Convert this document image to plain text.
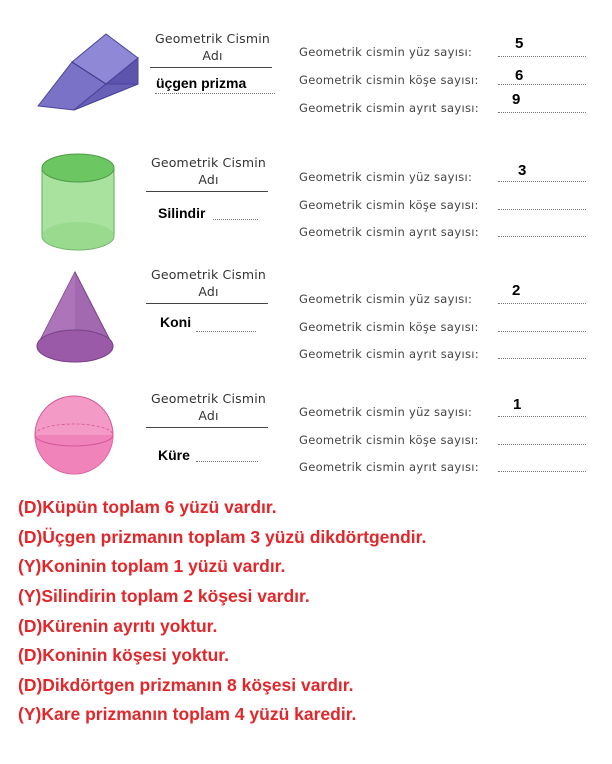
Geometrik Cismin
Adı
üçgen prizma
Geometrik cismin yüz sayısı:	5
Geometrik cismin köşe sayısı: 6
Geometrik cismin ayrıt sayısı: 9
Geometrik Cismin
Adı
Silindir
Geometrik cismin yüz sayısı:	3
Geometrik cismin köşe sayısı:
Geometrik cismin ayrıt sayısı:
Geometrik Cismin
Adı
Koni
Geometrik cismin yüz sayısı:	2
Geometrik cismin köşe sayısı:
Geometrik cismin ayrıt sayısı:
Geometrik Cismin
Adı
Küre
Geometrik cismin yüz sayısı:	1
Geometrik cismin köşe sayısı:
Geometrik cismin ayrıt sayısı:
(D)Küpün toplam 6 yüzü vardır.
(D)Üçgen prizmanın toplam 3 yüzü dikdörtgendir.
(Y)Koninin toplam 1 yüzü vardır.
(Y)Silindirin toplam 2 köşesi vardır.
(D)Kürenin ayrıtı yoktur.
(D)Koninin köşesi yoktur.
(D)Dikdörtgen prizmanın 8 köşesi vardır.
(Y)Kare prizmanın toplam 4 yüzü karedir.
